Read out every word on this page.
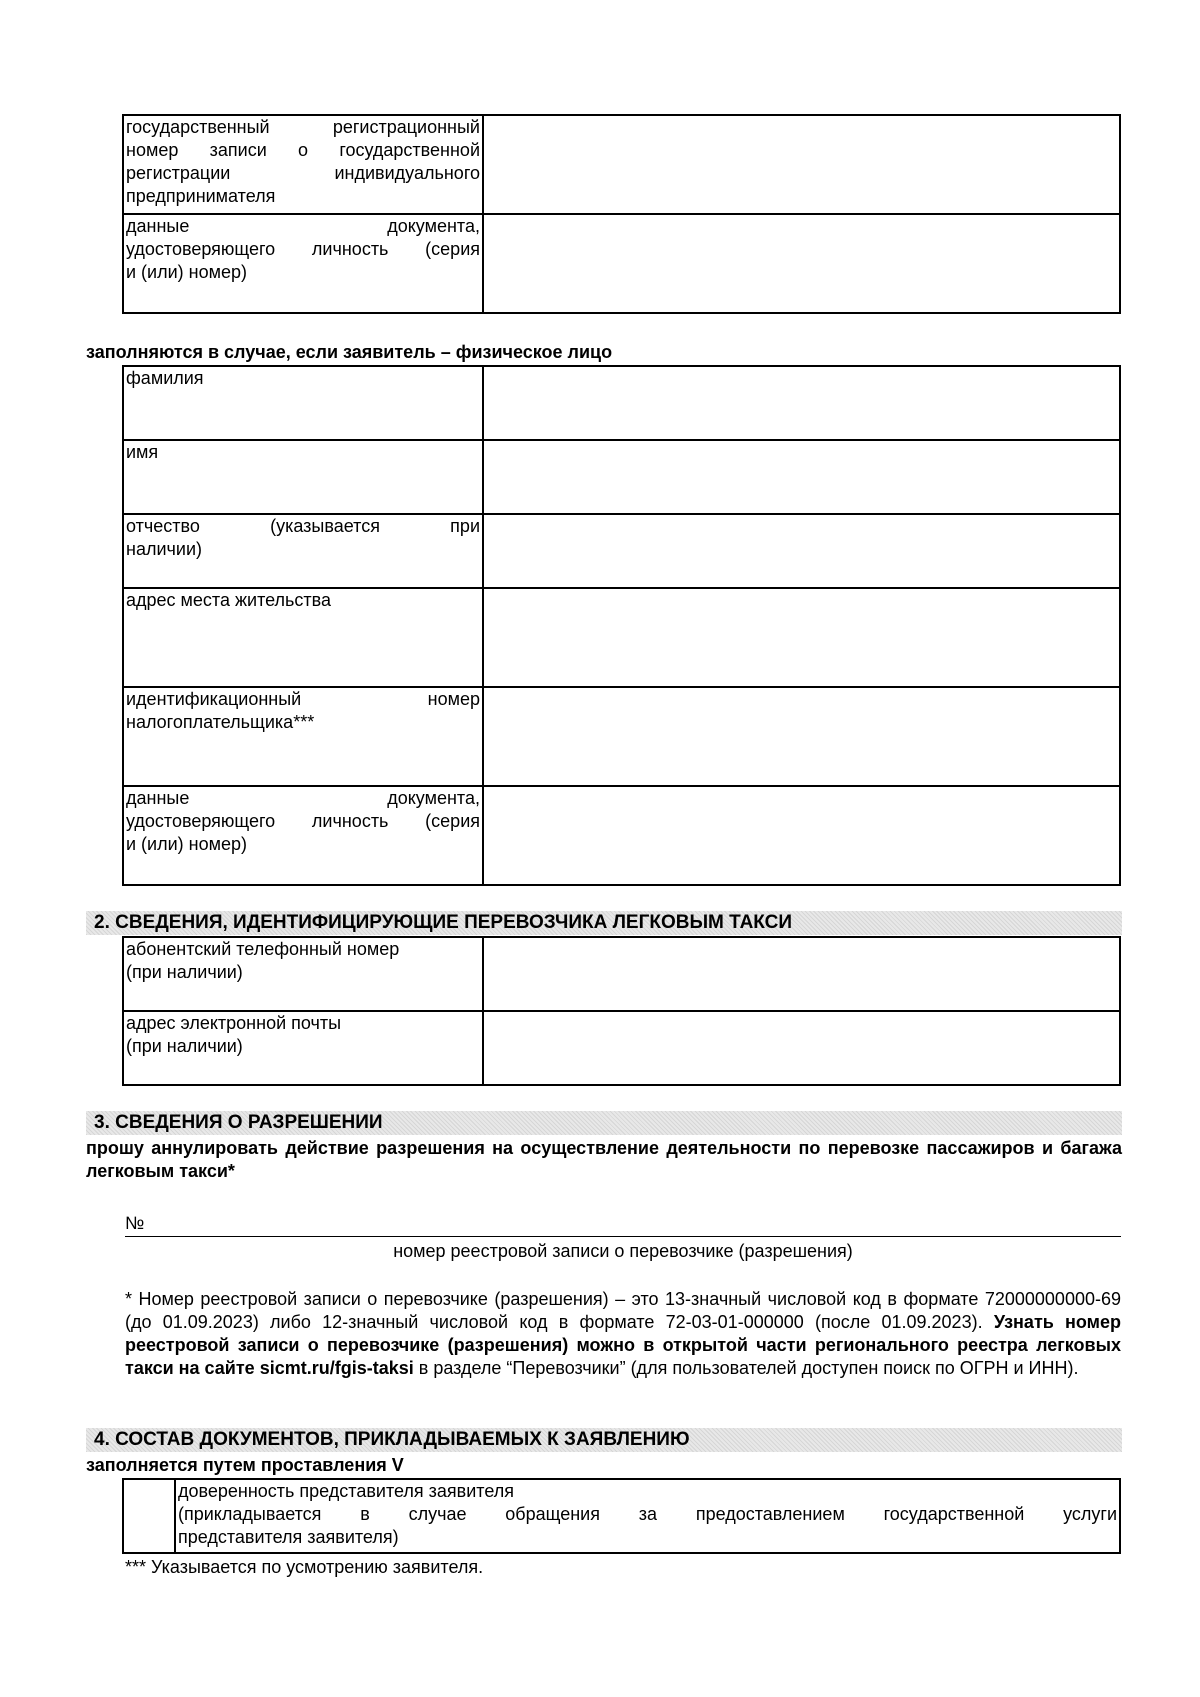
государственный регистрационный
номер записи о государственной
регистрации индивидуального
предпринимателя	

данные документа,
удостоверяющего личность (серия
и (или) номер)	

заполняются в случае, если заявитель – физическое лицо
фамилия	

имя	

отчество (указывается при
наличии)	

адрес места жительства	

идентификационный номер
налогоплательщика***	

данные документа,
удостоверяющего личность (серия
и (или) номер)	

2. СВЕДЕНИЯ, ИДЕНТИФИЦИРУЮЩИЕ ПЕРЕВОЗЧИКА ЛЕГКОВЫМ ТАКСИ
абонентский телефонный номер
(при наличии)	

адрес электронной почты
(при наличии)	

3. СВЕДЕНИЯ О РАЗРЕШЕНИИ
прошу аннулировать действие разрешения на осуществление деятельности по перевозке пассажиров и багажа легковым такси*
№
номер реестровой записи о перевозчике (разрешения)
* Номер реестровой записи о перевозчике (разрешения) – это 13-значный числовой код в формате 72000000000-69 (до 01.09.2023) либо 12-значный числовой код в формате 72-03-01-000000 (после 01.09.2023). Узнать номер реестровой записи о перевозчике (разрешения) можно в открытой части регионального реестра легковых такси на сайте sicmt.ru/fgis-taksi в разделе “Перевозчики” (для пользователей доступен поиск по ОГРН и ИНН).
4. СОСТАВ ДОКУМЕНТОВ, ПРИКЛАДЫВАЕМЫХ К ЗАЯВЛЕНИЮ
заполняется путем проставления V

доверенность представителя заявителя
(прикладывается в случае обращения за предоставлением государственной услуги
представителя заявителя)
*** Указывается по усмотрению заявителя.
